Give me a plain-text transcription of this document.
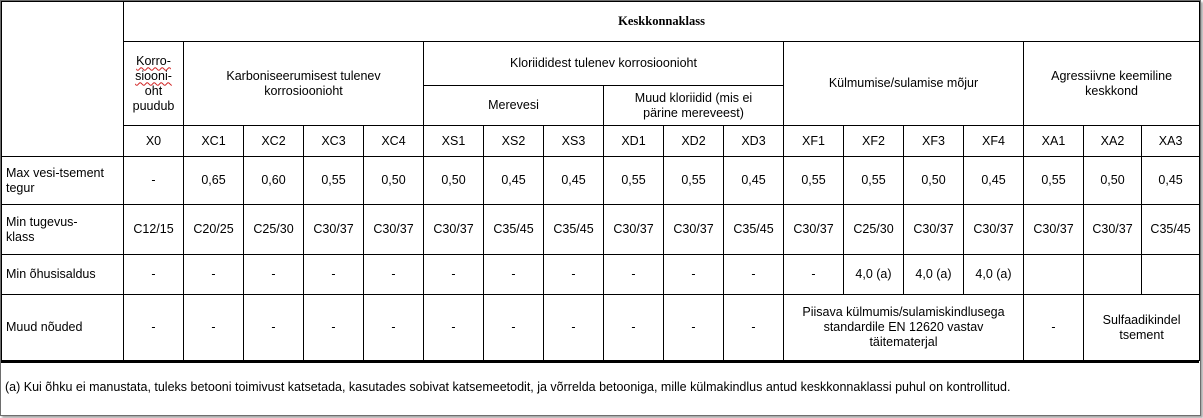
	Keskkonnaklass																	
	Korro-
siooni-
oht
puudub	Karboniseerumisest tulenev
korrosioonioht				Kloriididest tulenev korrosioonioht						Külmumise/sulamise mõjur				Agressiivne keemiline
keskkond		
						Merevesi			Muud kloriidid (mis ei
pärine mereveest)									
	X0	XC1	XC2	XC3	XC4	XS1	XS2	XS3	XD1	XD2	XD3	XF1	XF2	XF3	XF4	XA1	XA2	XA3
Max vesi-tsement
tegur	-	0,65	0,60	0,55	0,50	0,50	0,45	0,45	0,55	0,55	0,45	0,55	0,55	0,50	0,45	0,55	0,50	0,45
Min tugevus-
klass	C12/15	C20/25	C25/30	C30/37	C30/37	C30/37	C35/45	C35/45	C30/37	C30/37	C35/45	C30/37	C25/30	C30/37	C30/37	C30/37	C30/37	C35/45
Min õhusisaldus	-	-	-	-	-	-	-	-	-	-	-	-	4,0 (a)	4,0 (a)	4,0 (a)			
Muud nõuded	-	-	-	-	-	-	-	-	-	-	-	Piisava külmumis/sulamiskindlusega
standardile EN 12620 vastav
täitematerjal				-	Sulfaadikindel
tsement	
(a) Kui õhku ei manustata, tuleks betooni toimivust katsetada, kasutades sobivat katsemeetodit, ja võrrelda betooniga, mille külmakindlus antud keskkonnaklassi puhul on kontrollitud.
